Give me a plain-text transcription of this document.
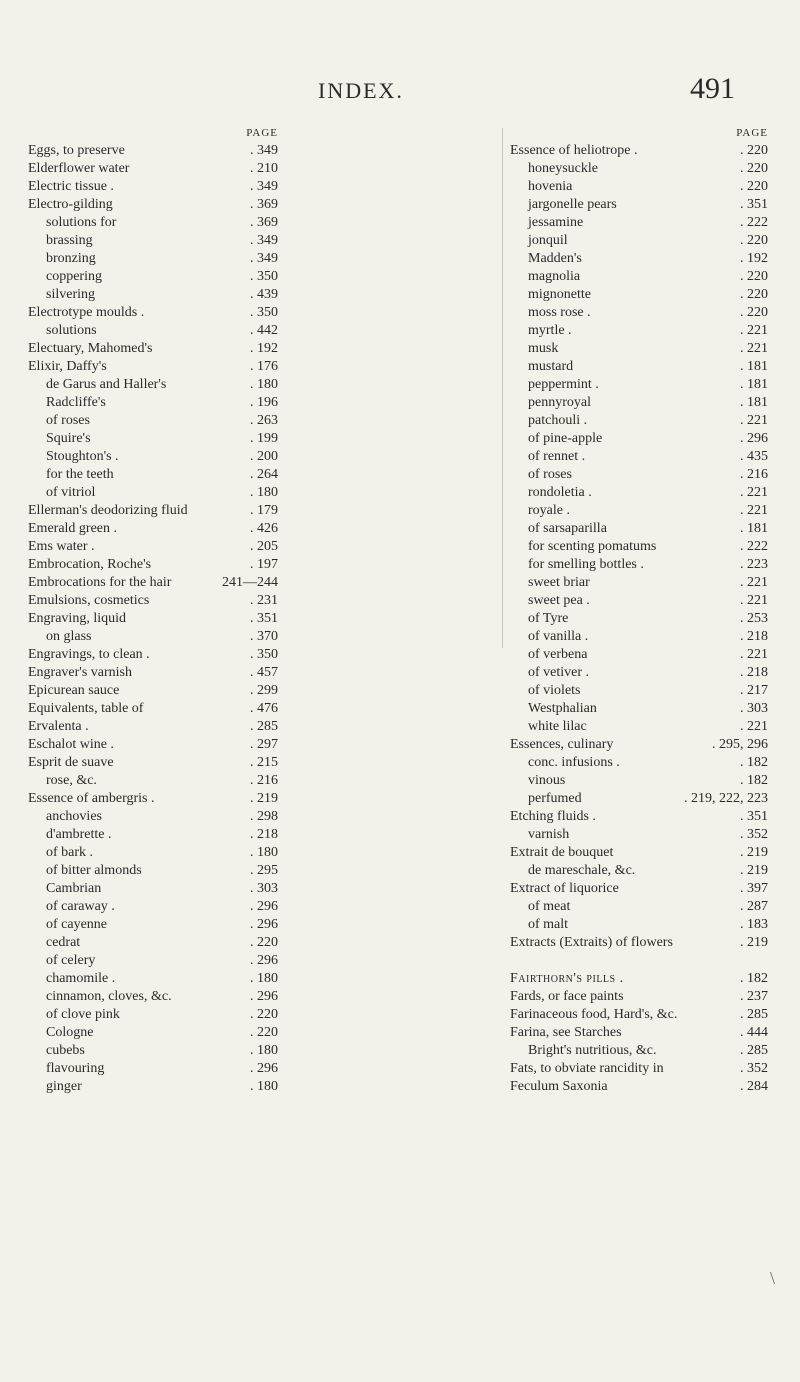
INDEX.	491
PAGE
Eggs, to preserve	. 349
Elderflower water	. 210
Electric tissue .	. 349
Electro-gilding	. 369
solutions for	. 369
brassing	. 349
bronzing	. 349
coppering	. 350
silvering	. 439
Electrotype moulds .	. 350
solutions	. 442
Electuary, Mahomed's	. 192
Elixir, Daffy's	. 176
de Garus and Haller's	. 180
Radcliffe's	. 196
of roses	. 263
Squire's	. 199
Stoughton's .	. 200
for the teeth	. 264
of vitriol	. 180
Ellerman's deodorizing fluid	. 179
Emerald green .	. 426
Ems water .	. 205
Embrocation, Roche's	. 197
Embrocations for the hair	241—244
Emulsions, cosmetics	. 231
Engraving, liquid	. 351
on glass	. 370
Engravings, to clean .	. 350
Engraver's varnish	. 457
Epicurean sauce	. 299
Equivalents, table of	. 476
Ervalenta .	. 285
Eschalot wine .	. 297
Esprit de suave	. 215
rose, &c.	. 216
Essence of ambergris .	. 219
anchovies	. 298
d'ambrette .	. 218
of bark .	. 180
of bitter almonds	. 295
Cambrian	. 303
of caraway .	. 296
of cayenne	. 296
cedrat	. 220
of celery	. 296
chamomile .	. 180
cinnamon, cloves, &c.	. 296
of clove pink	. 220
Cologne	. 220
cubebs	. 180
flavouring	. 296
ginger	. 180
PAGE
Essence of heliotrope .	. 220
honeysuckle	. 220
hovenia	. 220
jargonelle pears	. 351
jessamine	. 222
jonquil	. 220
Madden's	. 192
magnolia	. 220
mignonette	. 220
moss rose .	. 220
myrtle .	. 221
musk	. 221
mustard	. 181
peppermint .	. 181
pennyroyal	. 181
patchouli .	. 221
of pine-apple	. 296
of rennet .	. 435
of roses	. 216
rondoletia .	. 221
royale .	. 221
of sarsaparilla	. 181
for scenting pomatums	. 222
for smelling bottles .	. 223
sweet briar	. 221
sweet pea .	. 221
of Tyre	. 253
of vanilla .	. 218
of verbena	. 221
of vetiver .	. 218
of violets	. 217
Westphalian	. 303
white lilac	. 221
Essences, culinary	. 295, 296
conc. infusions .	. 182
vinous	. 182
perfumed	. 219, 222, 223
Etching fluids .	. 351
varnish	. 352
Extrait de bouquet	. 219
de mareschale, &c.	. 219
Extract of liquorice	. 397
of meat	. 287
of malt	. 183
Extracts (Extraits) of flowers	. 219
Fairthorn's pills .	. 182
Fards, or face paints	. 237
Farinaceous food, Hard's, &c.	. 285
Farina, see Starches	. 444
Bright's nutritious, &c.	. 285
Fats, to obviate rancidity in	. 352
Feculum Saxonia	. 284
\
